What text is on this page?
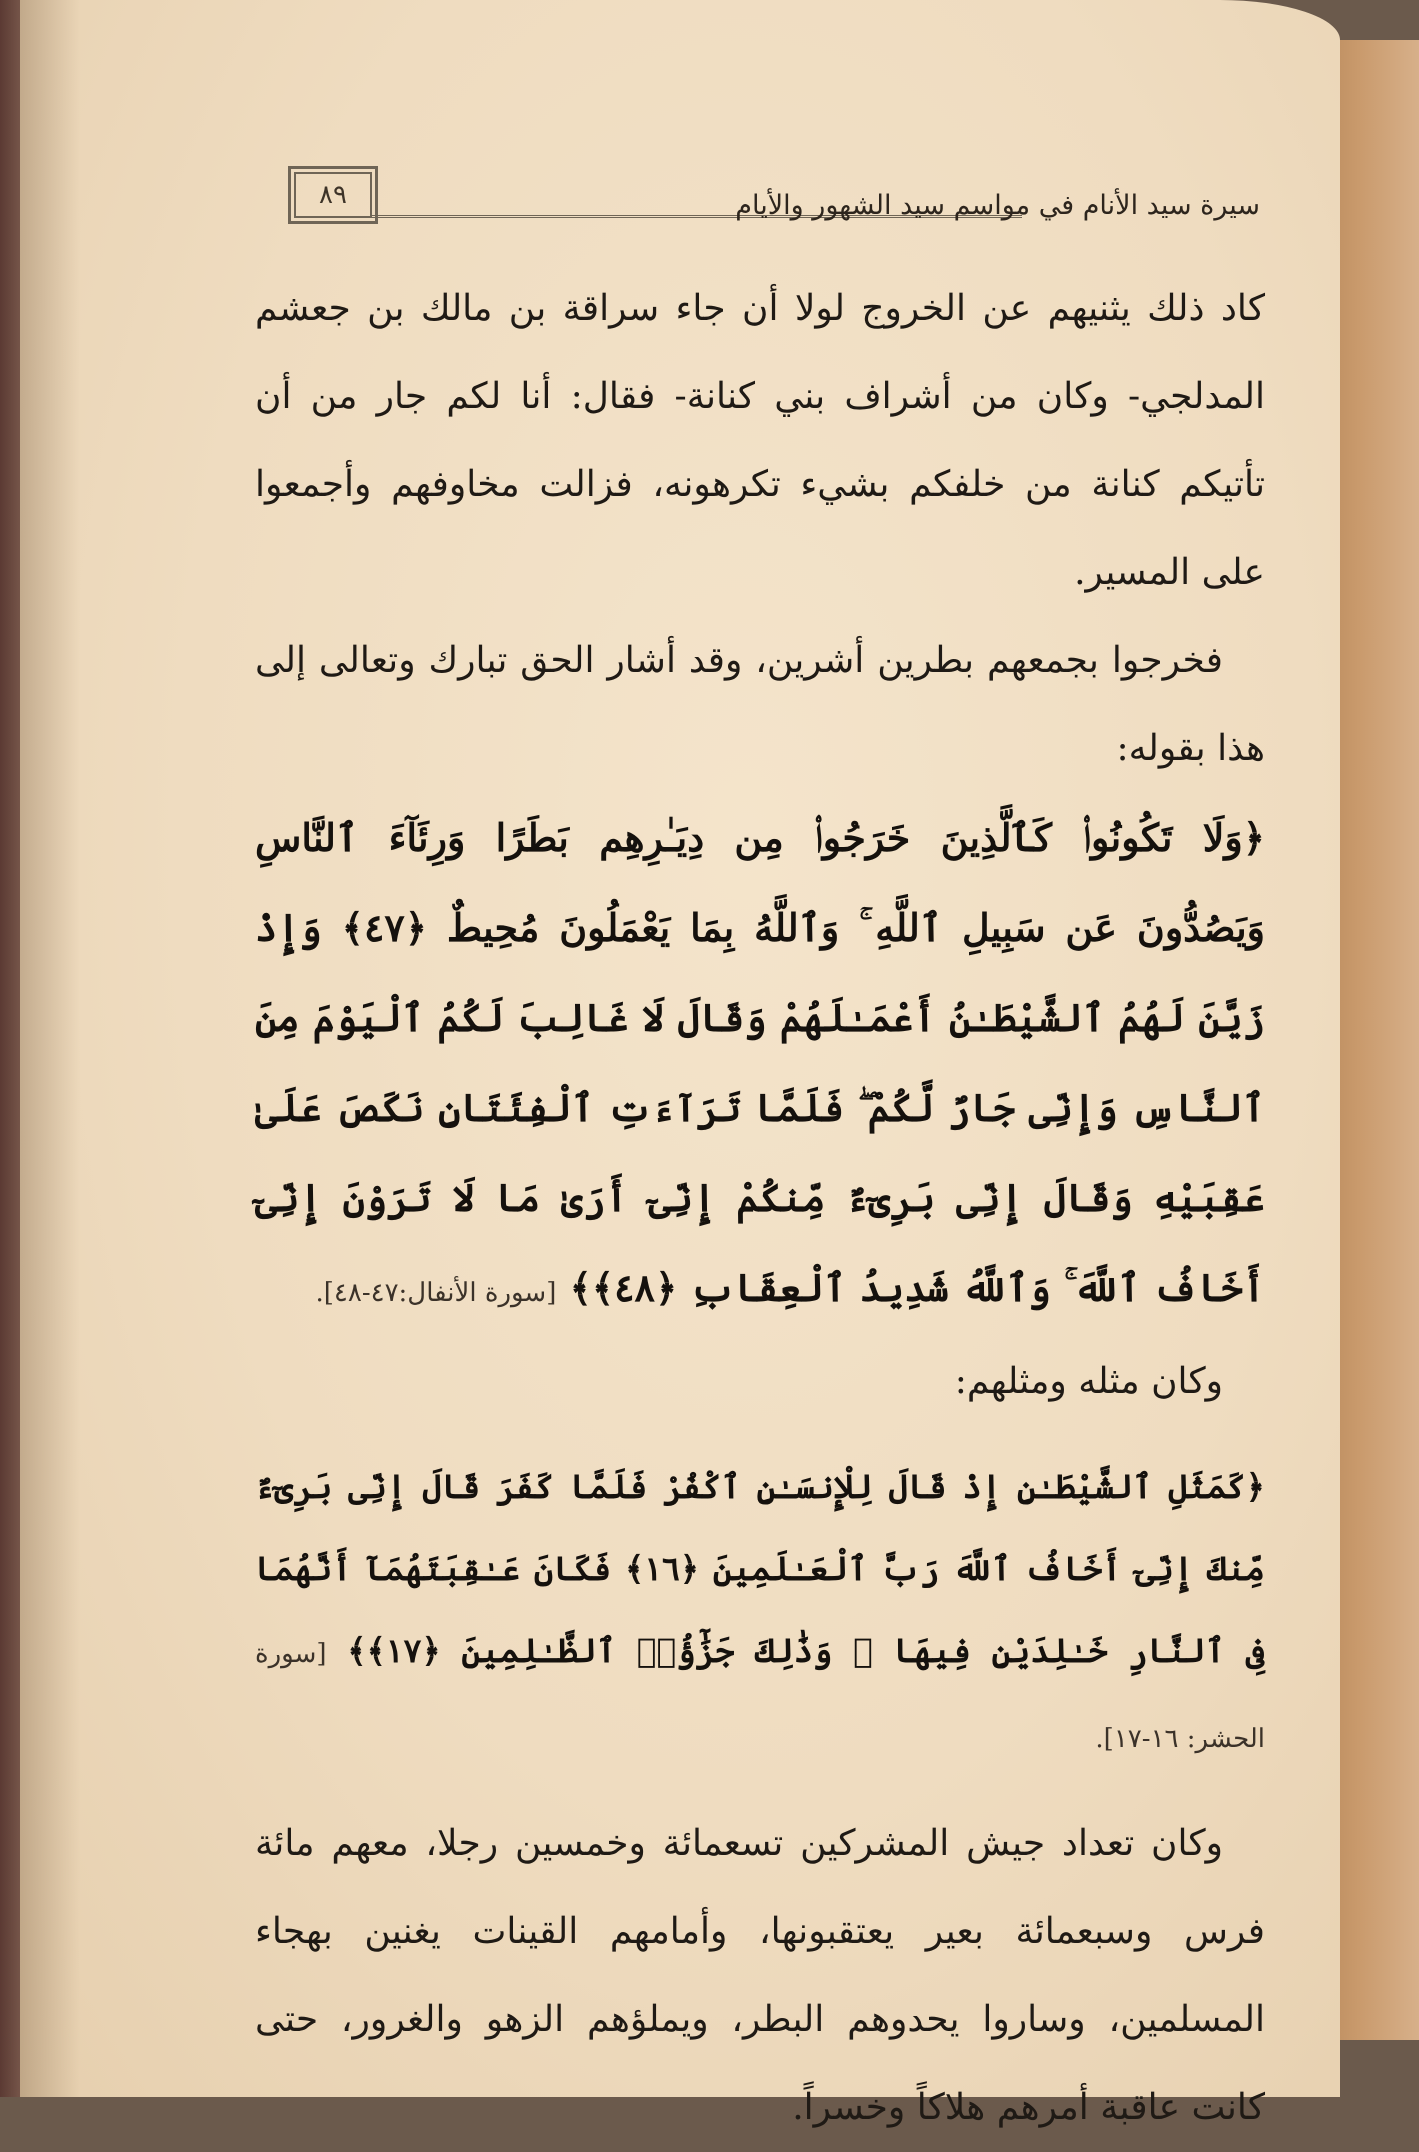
٨٩	سيرة سيد الأنام في مواسم سيد الشهور والأيام

كاد ذلك يثنيهم عن الخروج لولا أن جاء سراقة بن مالك بن جعشم المدلجي- وكان من أشراف بني كنانة- فقال: أنا لكم جار من أن تأتيكم كنانة من خلفكم بشيء تكرهونه، فزالت مخاوفهم وأجمعوا على المسير.

فخرجوا بجمعهم بطرين أشرين، وقد أشار الحق تبارك وتعالى إلى هذا بقوله:

﴿وَلَا تَكُونُوا۟ كَٱلَّذِينَ خَرَجُوا۟ مِن دِيَـٰرِهِم بَطَرًا وَرِئَآءَ ٱلنَّاسِ وَيَصُدُّونَ عَن سَبِيلِ ٱللَّهِ ۚ وَٱللَّهُ بِمَا يَعْمَلُونَ مُحِيطٌ ﴿٤٧﴾ وَإِذْ زَيَّنَ لَهُمُ ٱلشَّيْطَـٰنُ أَعْمَـٰلَهُمْ وَقَالَ لَا غَالِبَ لَكُمُ ٱلْيَوْمَ مِنَ ٱلنَّاسِ وَإِنِّى جَارٌ لَّكُمْ ۖ فَلَمَّا تَرَآءَتِ ٱلْفِئَتَانِ نَكَصَ عَلَىٰ عَقِبَيْهِ وَقَالَ إِنِّى بَرِىٓءٌ مِّنكُمْ إِنِّىٓ أَرَىٰ مَا لَا تَرَوْنَ إِنِّىٓ أَخَافُ ٱللَّهَ ۚ وَٱللَّهُ شَدِيدُ ٱلْعِقَابِ ﴿٤٨﴾﴾ [سورة الأنفال:٤٧-٤٨].

وكان مثله ومثلهم:

﴿كَمَثَلِ ٱلشَّيْطَـٰنِ إِذْ قَالَ لِلْإِنسَـٰنِ ٱكْفُرْ فَلَمَّا كَفَرَ قَالَ إِنِّى بَرِىٓءٌ مِّنكَ إِنِّىٓ أَخَافُ ٱللَّهَ رَبَّ ٱلْعَـٰلَمِينَ ﴿١٦﴾ فَكَانَ عَـٰقِبَتَهُمَآ أَنَّهُمَا فِى ٱلنَّارِ خَـٰلِدَيْنِ فِيهَا ۚ وَذَٰلِكَ جَزَٰٓؤُا۟ ٱلظَّـٰلِمِينَ ﴿١٧﴾﴾ [سورة الحشر: ١٦-١٧].

وكان تعداد جيش المشركين تسعمائة وخمسين رجلا، معهم مائة فرس وسبعمائة بعير يعتقبونها، وأمامهم القينات يغنين بهجاء المسلمين، وساروا يحدوهم البطر، ويملؤهم الزهو والغرور، حتى كانت عاقبة أمرهم هلاكاً وخسراً.
